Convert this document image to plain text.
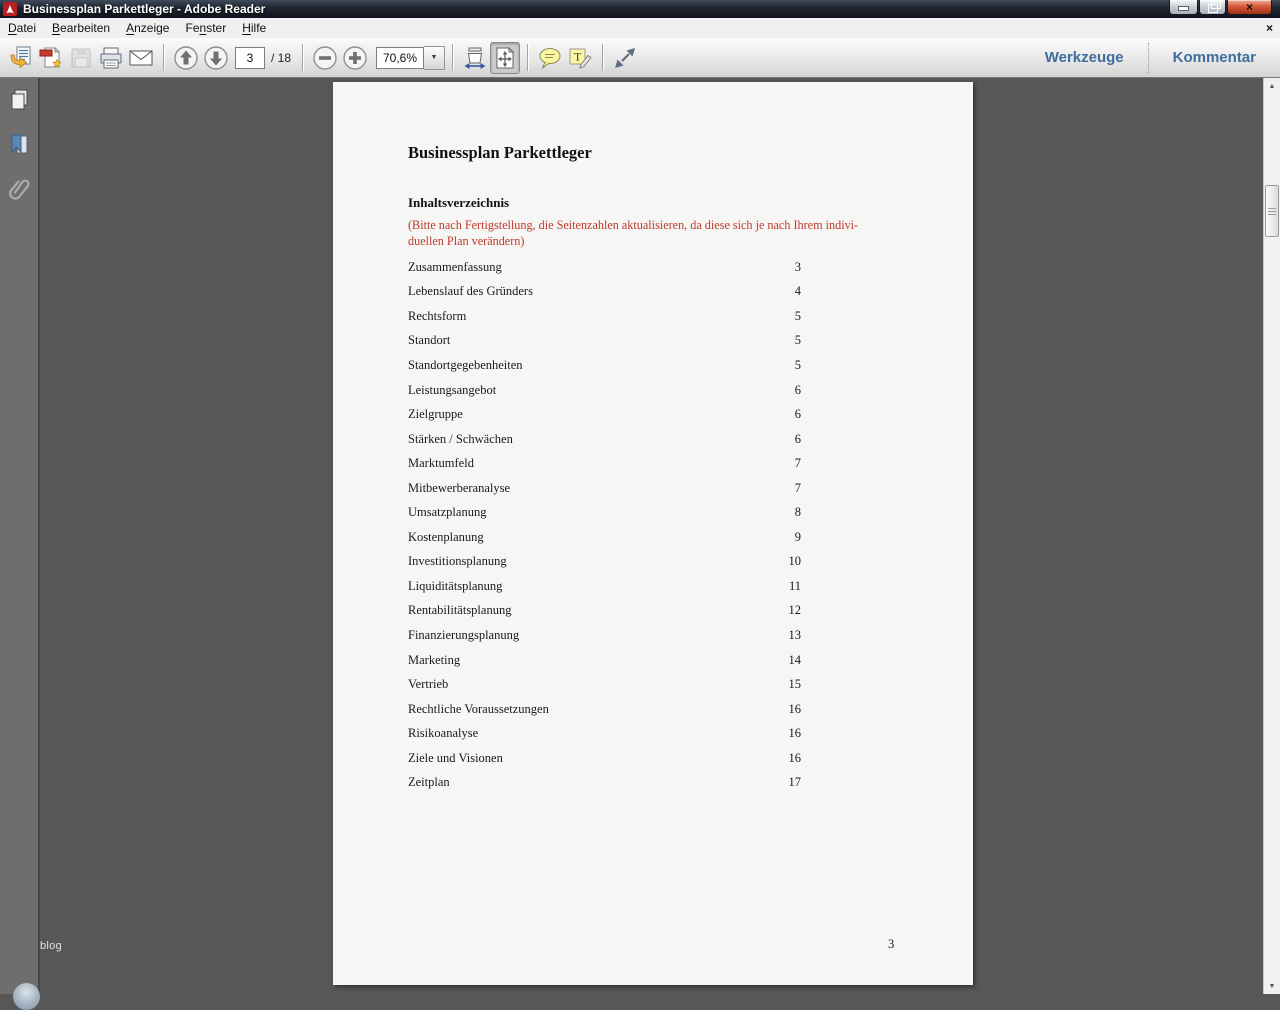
Businessplan Parkettleger - Adobe Reader	×
D atei B earbeiten A nzeige Fe n ster H ilfe	×
3	/ 18	70,6%	▼	T	Werkzeuge	Kommentar
Businessplan Parkettleger
Inhaltsverzeichnis
(Bitte nach Fertigstellung, die Seitenzahlen aktualisieren, da diese sich je nach Ihrem indivi-
duellen Plan verändern)
Zusammenfassung	3
Lebenslauf des Gründers	4
Rechtsform	5
Standort	5
Standortgegebenheiten	5
Leistungsangebot	6
Zielgruppe	6
Stärken / Schwächen	6
Marktumfeld	7
Mitbewerberanalyse	7
Umsatzplanung	8
Kostenplanung	9
Investitionsplanung	10
Liquiditätsplanung	11
Rentabilitätsplanung	12
Finanzierungsplanung	13
Marketing	14
Vertrieb	15
Rechtliche Voraussetzungen	16
Risikoanalyse	16
Ziele und Visionen	16
Zeitplan	17
3
blog
▲
▼
